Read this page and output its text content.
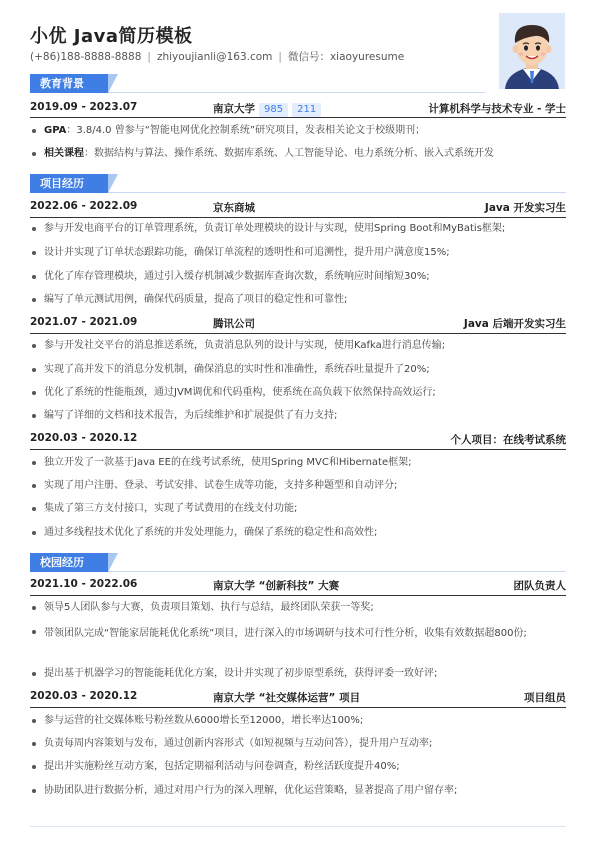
小优 Java简历模板
(+86)188-8888-8888 | zhiyoujianli@163.com | 微信号：xiaoyuresume
教育背景
2019.09 - 2023.07	南京大学 985 211	计算机科学与技术专业 - 学士
GPA：3.8/4.0 曾参与“智能电网优化控制系统”研究项目，发表相关论文于校级期刊；
相关课程：数据结构与算法、操作系统、数据库系统、人工智能导论、电力系统分析、嵌入式系统开发
项目经历
2022.06 - 2022.09	京东商城	Java 开发实习生
参与开发电商平台的订单管理系统，负责订单处理模块的设计与实现，使用Spring Boot和MyBatis框架;
设计并实现了订单状态跟踪功能，确保订单流程的透明性和可追溯性，提升用户满意度15%;
优化了库存管理模块，通过引入缓存机制减少数据库查询次数，系统响应时间缩短30%;
编写了单元测试用例，确保代码质量，提高了项目的稳定性和可靠性;
2021.07 - 2021.09	腾讯公司	Java 后端开发实习生
参与开发社交平台的消息推送系统，负责消息队列的设计与实现，使用Kafka进行消息传输;
实现了高并发下的消息分发机制，确保消息的实时性和准确性，系统吞吐量提升了20%;
优化了系统的性能瓶颈，通过JVM调优和代码重构，使系统在高负载下依然保持高效运行;
编写了详细的文档和技术报告，为后续维护和扩展提供了有力支持;
2020.03 - 2020.12	个人项目：在线考试系统
独立开发了一款基于Java EE的在线考试系统，使用Spring MVC和Hibernate框架;
实现了用户注册、登录、考试安排、试卷生成等功能，支持多种题型和自动评分;
集成了第三方支付接口，实现了考试费用的在线支付功能;
通过多线程技术优化了系统的并发处理能力，确保了系统的稳定性和高效性;
校园经历
2021.10 - 2022.06	南京大学 “创新科技” 大赛	团队负责人
领导5人团队参与大赛，负责项目策划、执行与总结，最终团队荣获一等奖;
带领团队完成“智能家居能耗优化系统”项目，进行深入的市场调研与技术可行性分析，收集有效数据超800份;
提出基于机器学习的智能能耗优化方案，设计并实现了初步原型系统，获得评委一致好评;
2020.03 - 2020.12	南京大学 “社交媒体运营” 项目	项目组员
参与运营的社交媒体账号粉丝数从6000增长至12000，增长率达100%;
负责每周内容策划与发布，通过创新内容形式（如短视频与互动问答），提升用户互动率;
提出并实施粉丝互动方案，包括定期福利活动与问卷调查，粉丝活跃度提升40%;
协助团队进行数据分析，通过对用户行为的深入理解，优化运营策略，显著提高了用户留存率;
